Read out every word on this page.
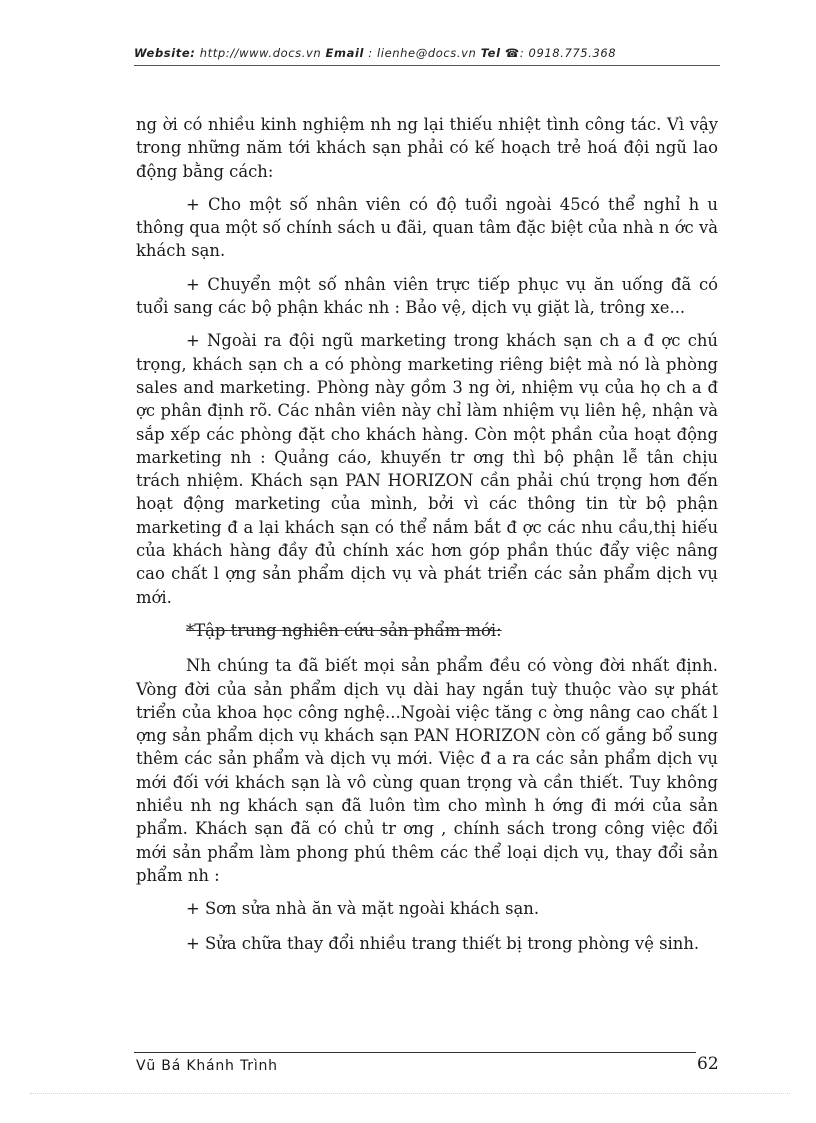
Website: http://www.docs.vn Email : lienhe@docs.vn Tel ☎: 0918.775.368

ng ời có nhiều kinh nghiệm nh ng lại thiếu nhiệt tình công tác. Vì vậy trong những năm tới khách sạn phải có kế hoạch trẻ hoá đội ngũ lao động bằng cách:

+ Cho một số nhân viên có độ tuổi ngoài 45có thể nghỉ h u thông qua một số chính sách u đãi, quan tâm đặc biệt của nhà n ớc và khách sạn.

+ Chuyển một số nhân viên trực tiếp phục vụ ăn uống đã có tuổi sang các bộ phận khác nh : Bảo vệ, dịch vụ giặt là, trông xe...

+ Ngoài ra đội ngũ marketing trong khách sạn ch a đ ợc chú trọng, khách sạn ch a có phòng marketing riêng biệt mà nó là phòng sales and marketing. Phòng này gồm 3 ng ời, nhiệm vụ của họ ch a đ ợc phân định rõ. Các nhân viên này chỉ làm nhiệm vụ liên hệ, nhận và sắp xếp các phòng đặt cho khách hàng. Còn một phần của hoạt động marketing nh : Quảng cáo, khuyến tr ơng thì bộ phận lễ tân chịu trách nhiệm. Khách sạn PAN HORIZON cần phải chú trọng hơn đến hoạt động marketing của mình, bởi vì các thông tin từ bộ phận marketing đ a lại khách sạn có thể nắm bắt đ ợc các nhu cầu,thị hiếu của khách hàng đầy đủ chính xác hơn góp phần thúc đẩy việc nâng cao chất l ợng sản phẩm dịch vụ và phát triển các sản phẩm dịch vụ mới.

*Tập trung nghiên cứu sản phẩm mới:

Nh chúng ta đã biết mọi sản phẩm đều có vòng đời nhất định. Vòng đời của sản phẩm dịch vụ dài hay ngắn tuỳ thuộc vào sự phát triển của khoa học công nghệ...Ngoài việc tăng c ờng nâng cao chất l ợng sản phẩm dịch vụ khách sạn PAN HORIZON còn cố gắng bổ sung thêm các sản phẩm và dịch vụ mới. Việc đ a ra các sản phẩm dịch vụ mới đối với khách sạn là vô cùng quan trọng và cần thiết. Tuy không nhiều nh ng khách sạn đã luôn tìm cho mình h ớng đi mới của sản phẩm. Khách sạn đã có chủ tr ơng , chính sách trong công việc đổi mới sản phẩm làm phong phú thêm các thể loại dịch vụ, thay đổi sản phẩm nh :

+ Sơn sửa nhà ăn và mặt ngoài khách sạn.

+ Sửa chữa thay đổi nhiều trang thiết bị trong phòng vệ sinh.

Vũ Bá Khánh Trình	62
